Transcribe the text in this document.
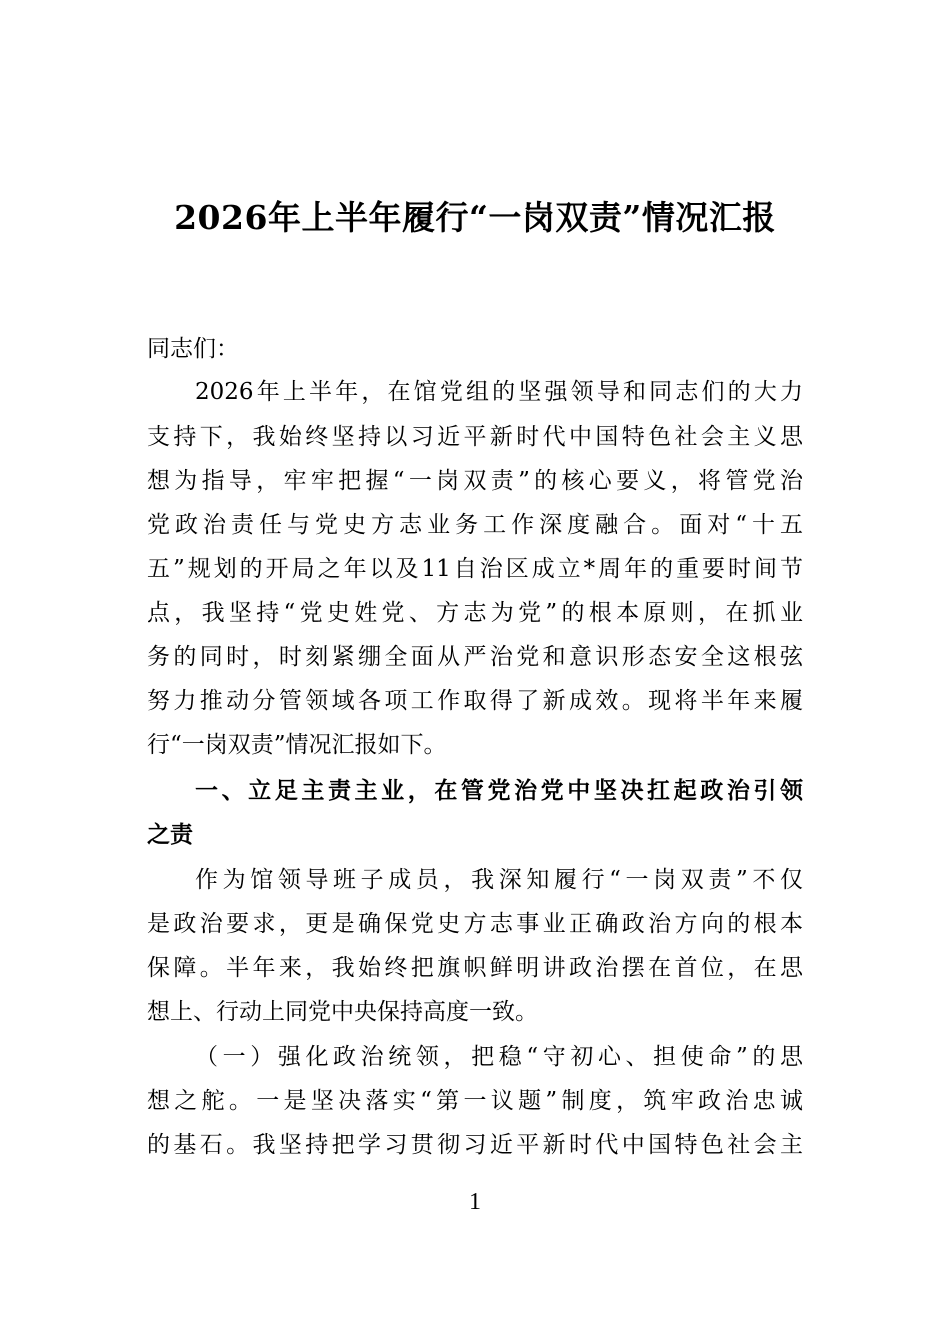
2026年上半年履行“一岗双责”情况汇报
同志们：
2026年上半年，在馆党组的坚强领导和同志们的大力
支持下，我始终坚持以习近平新时代中国特色社会主义思
想为指导，牢牢把握“一岗双责”的核心要义，将管党治
党政治责任与党史方志业务工作深度融合。面对“十五
五”规划的开局之年以及11自治区成立*周年的重要时间节
点，我坚持“党史姓党、方志为党”的根本原则，在抓业
务的同时，时刻紧绷全面从严治党和意识形态安全这根弦
努力推动分管领域各项工作取得了新成效。现将半年来履
行“一岗双责”情况汇报如下。
一、立足主责主业，在管党治党中坚决扛起政治引领
之责
作为馆领导班子成员，我深知履行“一岗双责”不仅
是政治要求，更是确保党史方志事业正确政治方向的根本
保障。半年来，我始终把旗帜鲜明讲政治摆在首位，在思
想上、行动上同党中央保持高度一致。
（一）强化政治统领，把稳“守初心、担使命”的思
想之舵。一是坚决落实“第一议题”制度，筑牢政治忠诚
的基石。我坚持把学习贯彻习近平新时代中国特色社会主
1
